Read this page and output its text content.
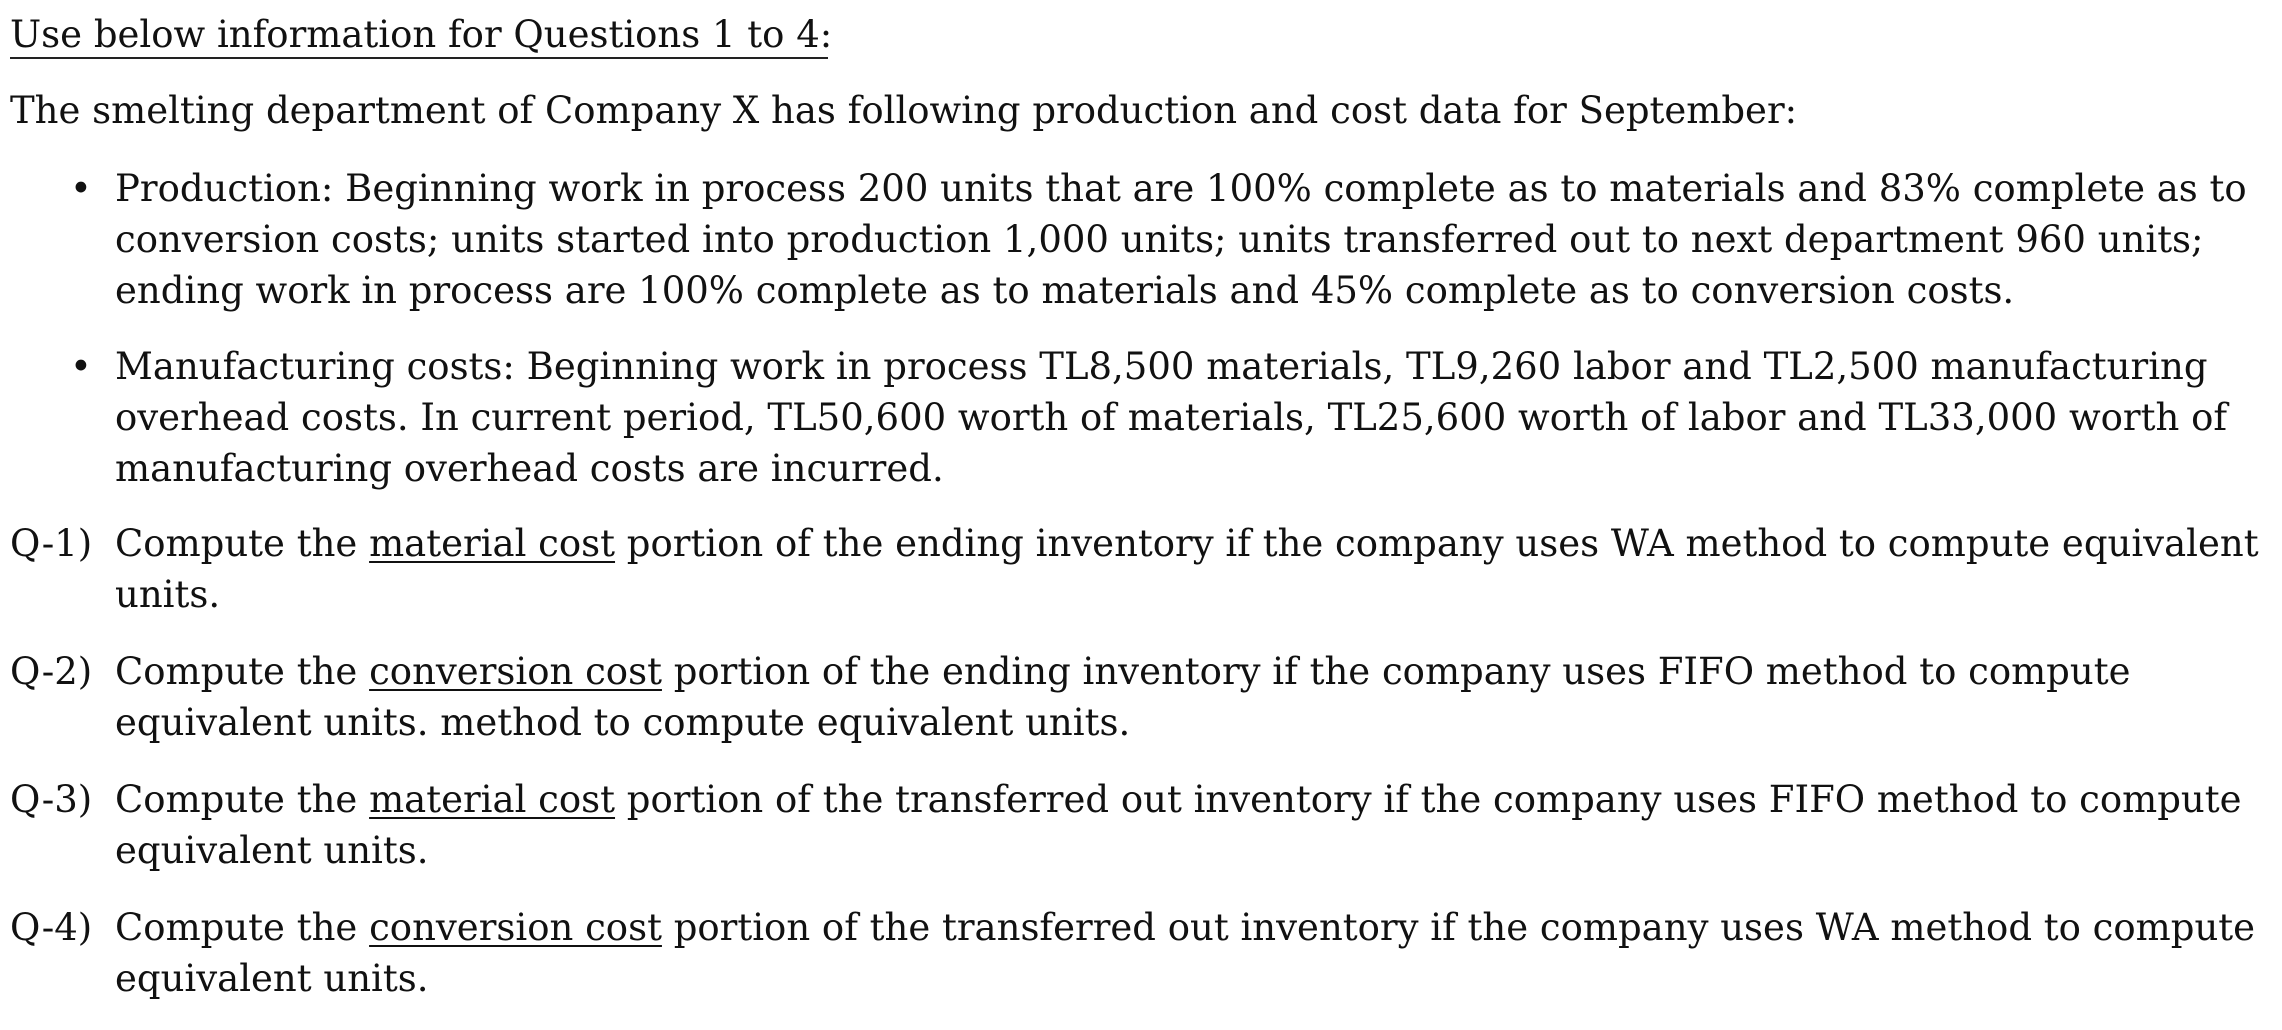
Use below information for Questions 1 to 4:
The smelting department of Company X has following production and cost data for September:
• Production: Beginning work in process 200 units that are 100% complete as to materials and 83% complete as to conversion costs; units started into production 1,000 units; units transferred out to next department 960 units; ending work in process are 100% complete as to materials and 45% complete as to conversion costs.
• Manufacturing costs: Beginning work in process TL8,500 materials, TL9,260 labor and TL2,500 manufacturing overhead costs. In current period, TL50,600 worth of materials, TL25,600 worth of labor and TL33,000 worth of manufacturing overhead costs are incurred.
Q-1) Compute the material cost portion of the ending inventory if the company uses WA method to compute equivalent units.
Q-2) Compute the conversion cost portion of the ending inventory if the company uses FIFO method to compute equivalent units. method to compute equivalent units.
Q-3) Compute the material cost portion of the transferred out inventory if the company uses FIFO method to compute equivalent units.
Q-4) Compute the conversion cost portion of the transferred out inventory if the company uses WA method to compute equivalent units.
